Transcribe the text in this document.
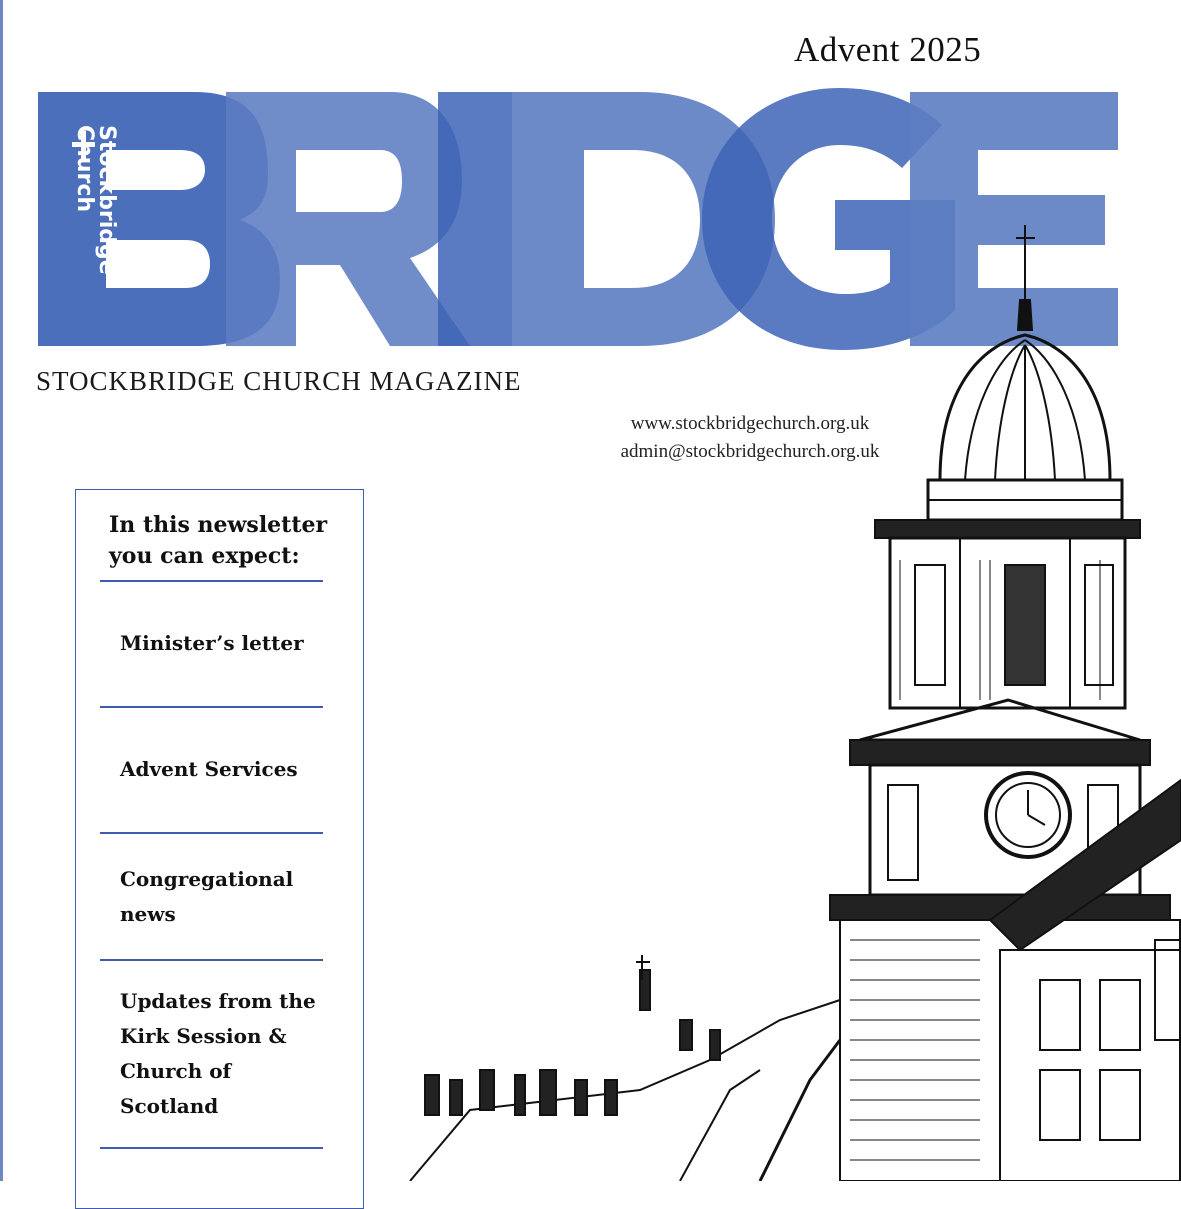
Advent 2025
Stockbridge
Church
STOCKBRIDGE CHURCH MAGAZINE
www.stockbridgechurch.org.uk
admin@stockbridgechurch.org.uk
In this newsletter you can expect:
Minister’s letter
Advent Services
Congregational news
Updates from the Kirk Session & Church of Scotland
